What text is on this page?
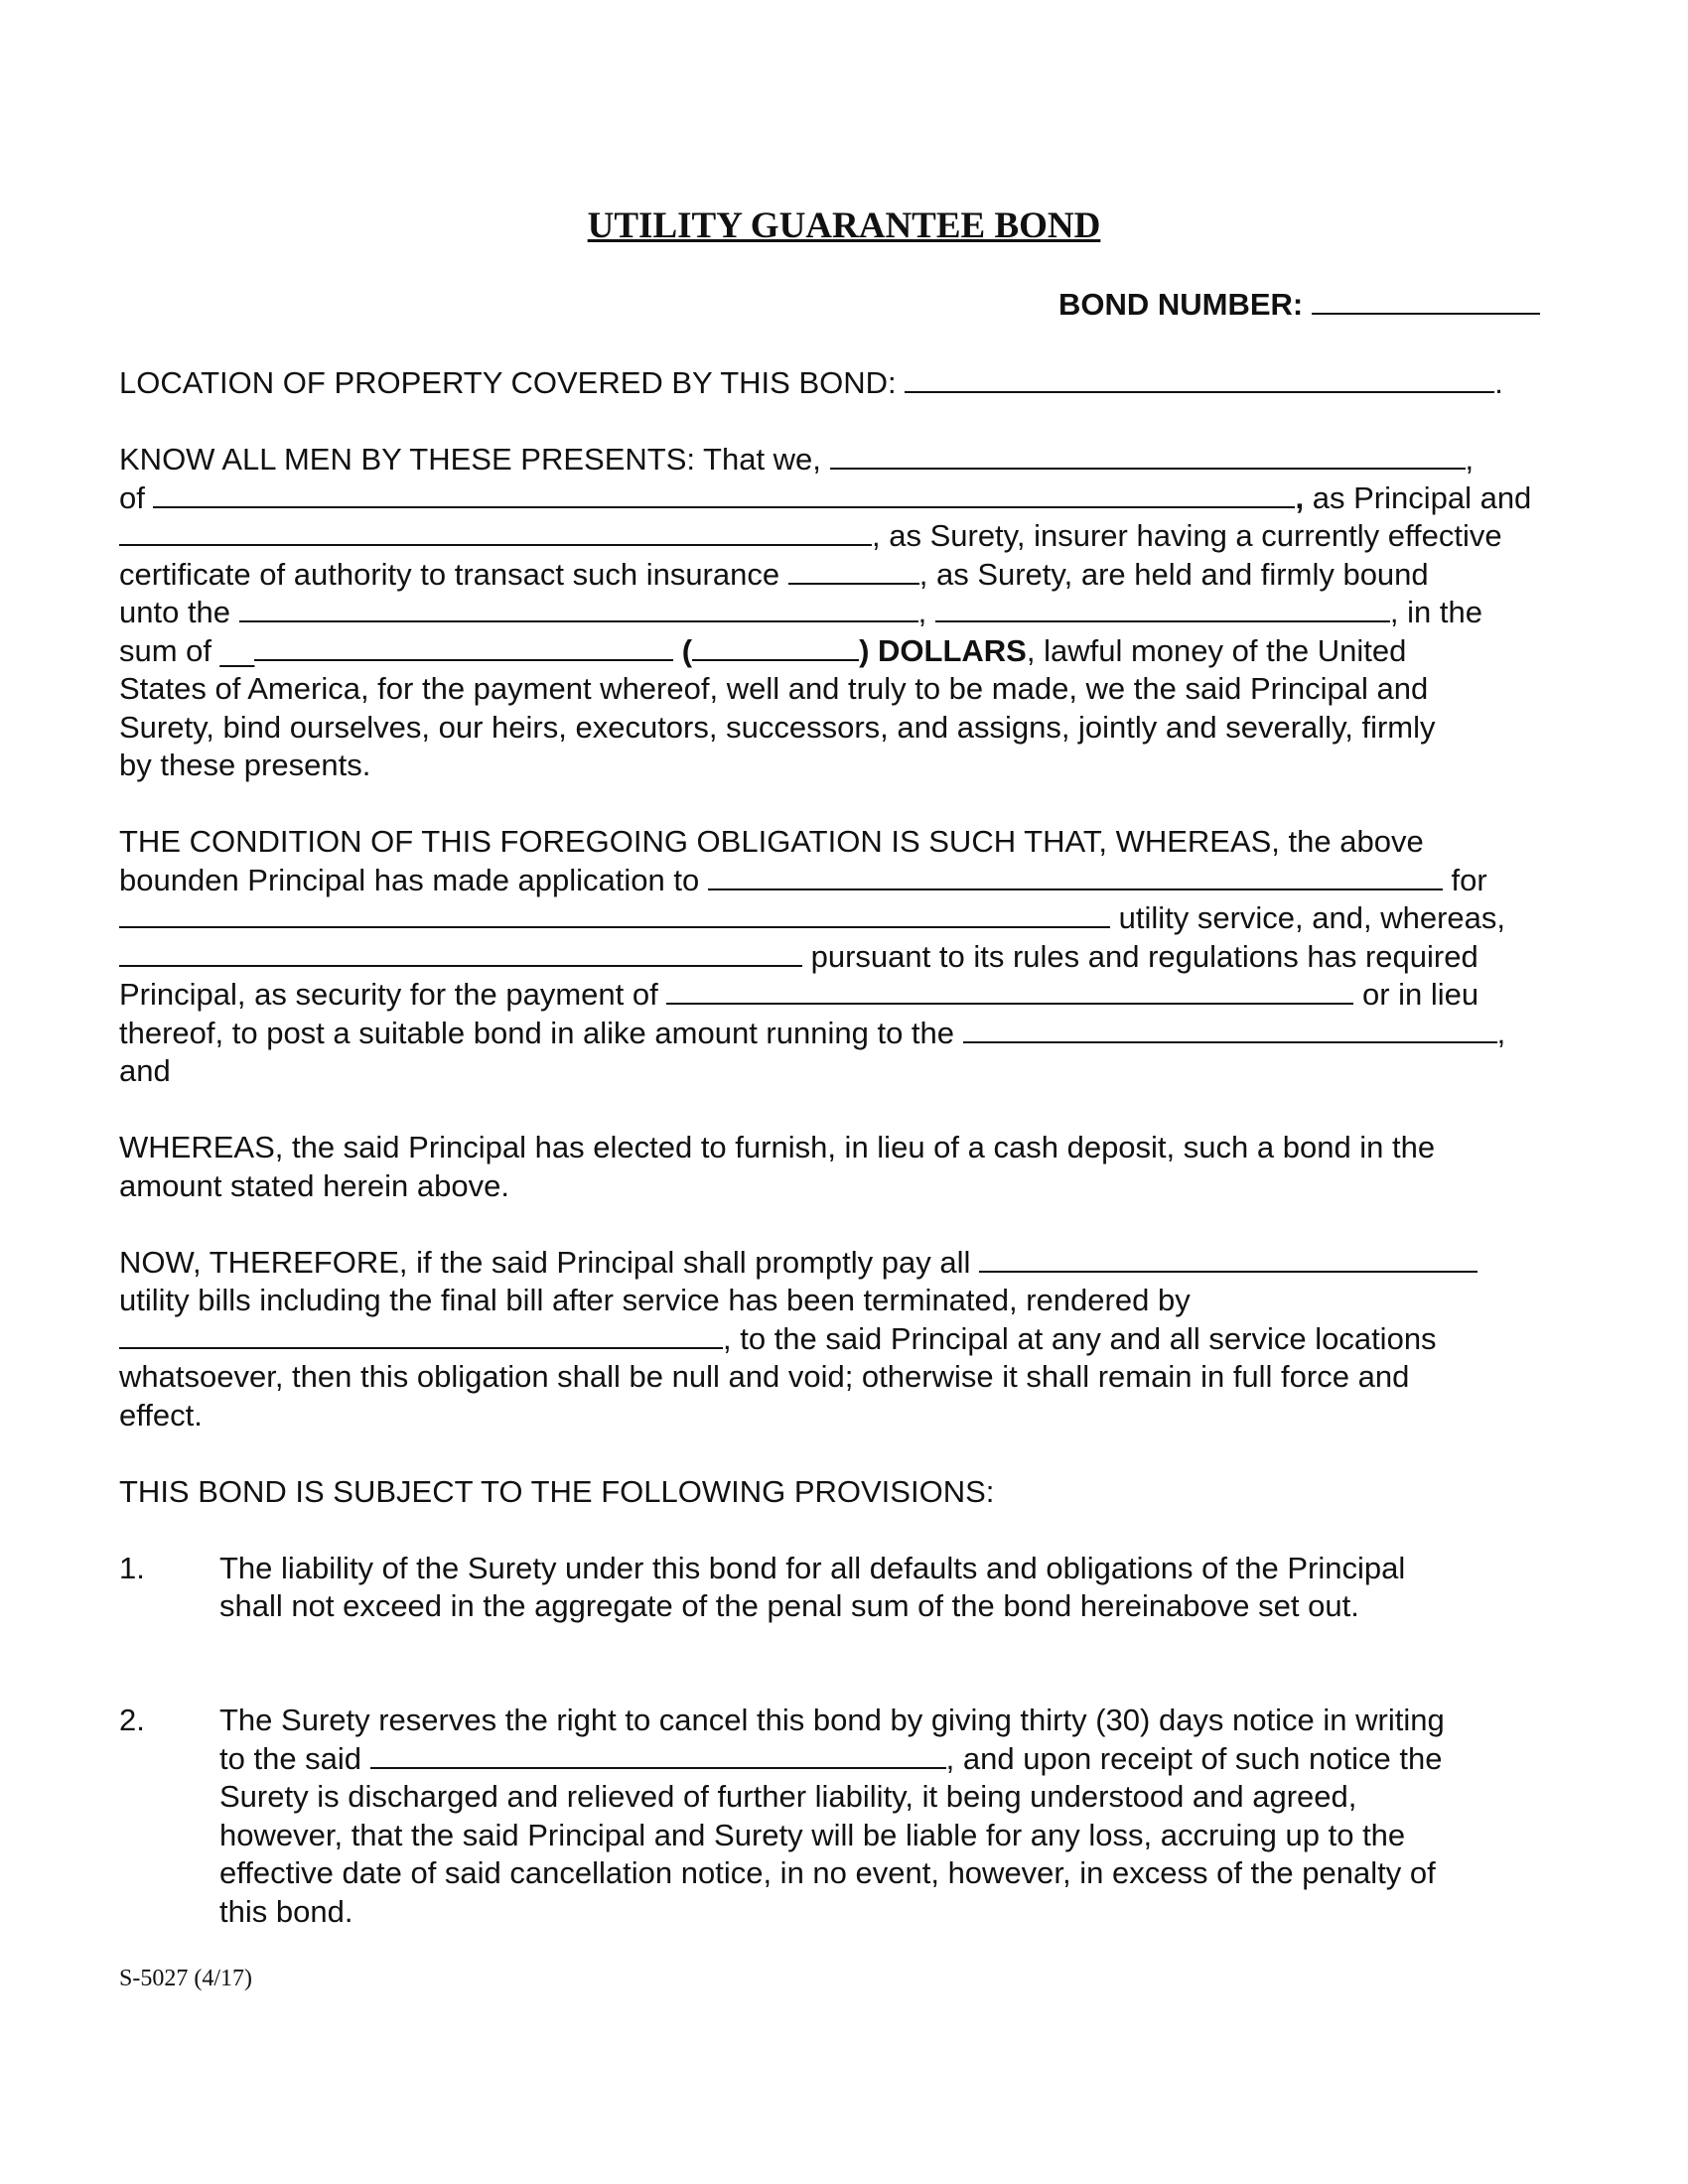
UTILITY GUARANTEE BOND
BOND NUMBER:
LOCATION OF PROPERTY COVERED BY THIS BOND:	.
KNOW ALL MEN BY THESE PRESENTS: That we,	,
of	, as Principal and
, as Surety, insurer having a currently effective
certificate of authority to transact such insurance	, as Surety, are held and firmly bound
unto the	,	, in the
sum of __	(	) DOLLARS, lawful money of the United
States of America, for the payment whereof, well and truly to be made, we the said Principal and
Surety, bind ourselves, our heirs, executors, successors, and assigns, jointly and severally, firmly
by these presents.
THE CONDITION OF THIS FOREGOING OBLIGATION IS SUCH THAT, WHEREAS, the above
bounden Principal has made application to	for
utility service, and, whereas,
pursuant to its rules and regulations has required
Principal, as security for the payment of	or in lieu
thereof, to post a suitable bond in alike amount running to the	,
and
WHEREAS, the said Principal has elected to furnish, in lieu of a cash deposit, such a bond in the
amount stated herein above.
NOW, THEREFORE, if the said Principal shall promptly pay all
utility bills including the final bill after service has been terminated, rendered by
, to the said Principal at any and all service locations
whatsoever, then this obligation shall be null and void; otherwise it shall remain in full force and
effect.
THIS BOND IS SUBJECT TO THE FOLLOWING PROVISIONS:
1. The liability of the Surety under this bond for all defaults and obligations of the Principal
shall not exceed in the aggregate of the penal sum of the bond hereinabove set out.
2. The Surety reserves the right to cancel this bond by giving thirty (30) days notice in writing
to the said	, and upon receipt of such notice the
Surety is discharged and relieved of further liability, it being understood and agreed,
however, that the said Principal and Surety will be liable for any loss, accruing up to the
effective date of said cancellation notice, in no event, however, in excess of the penalty of
this bond.
S-5027 (4/17)
